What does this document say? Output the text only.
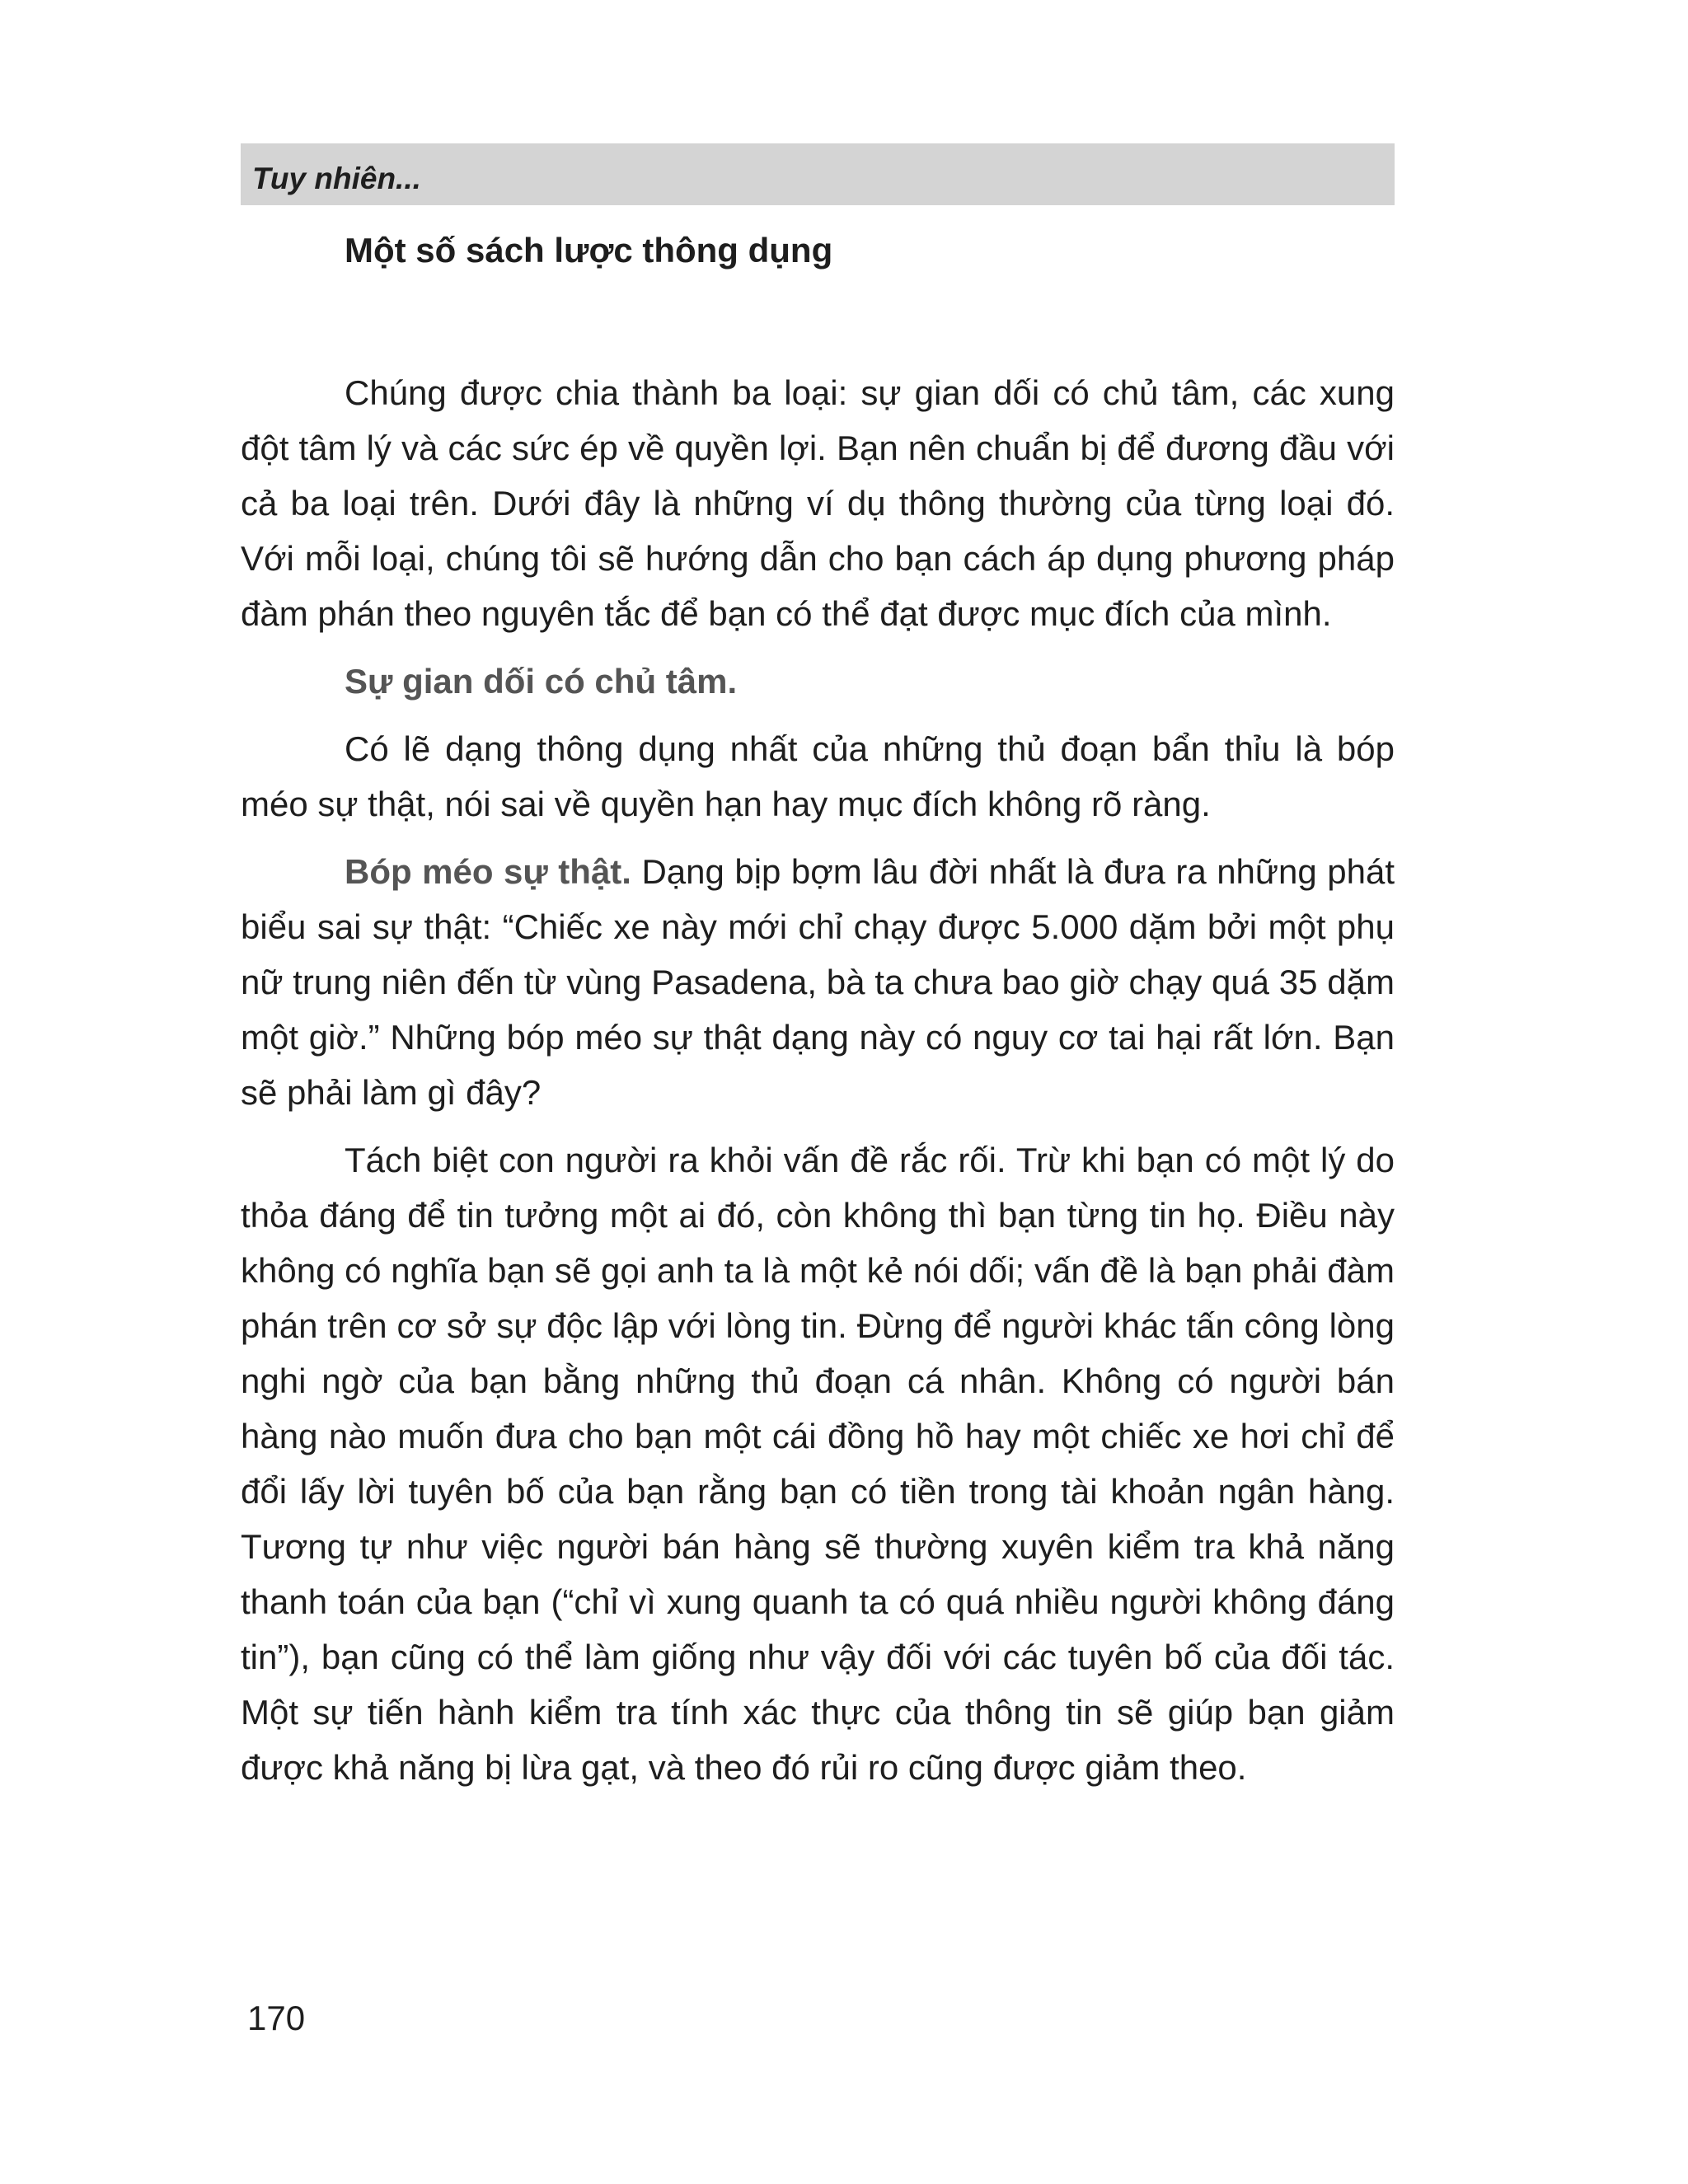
Tuy nhiên...
Một số sách lược thông dụng

Chúng được chia thành ba loại: sự gian dối có chủ tâm, các xung đột tâm lý và các sức ép về quyền lợi. Bạn nên chuẩn bị để đương đầu với cả ba loại trên. Dưới đây là những ví dụ thông thường của từng loại đó. Với mỗi loại, chúng tôi sẽ hướng dẫn cho bạn cách áp dụng phương pháp đàm phán theo nguyên tắc để bạn có thể đạt được mục đích của mình.

Sự gian dối có chủ tâm.

Có lẽ dạng thông dụng nhất của những thủ đoạn bẩn thỉu là bóp méo sự thật, nói sai về quyền hạn hay mục đích không rõ ràng.

Bóp méo sự thật. Dạng bịp bợm lâu đời nhất là đưa ra những phát biểu sai sự thật: “Chiếc xe này mới chỉ chạy được 5.000 dặm bởi một phụ nữ trung niên đến từ vùng Pasadena, bà ta chưa bao giờ chạy quá 35 dặm một giờ.” Những bóp méo sự thật dạng này có nguy cơ tai hại rất lớn. Bạn sẽ phải làm gì đây?

Tách biệt con người ra khỏi vấn đề rắc rối. Trừ khi bạn có một lý do thỏa đáng để tin tưởng một ai đó, còn không thì bạn từng tin họ. Điều này không có nghĩa bạn sẽ gọi anh ta là một kẻ nói dối; vấn đề là bạn phải đàm phán trên cơ sở sự độc lập với lòng tin. Đừng để người khác tấn công lòng nghi ngờ của bạn bằng những thủ đoạn cá nhân. Không có người bán hàng nào muốn đưa cho bạn một cái đồng hồ hay một chiếc xe hơi chỉ để đổi lấy lời tuyên bố của bạn rằng bạn có tiền trong tài khoản ngân hàng. Tương tự như việc người bán hàng sẽ thường xuyên kiểm tra khả năng thanh toán của bạn (“chỉ vì xung quanh ta có quá nhiều người không đáng tin”), bạn cũng có thể làm giống như vậy đối với các tuyên bố của đối tác. Một sự tiến hành kiểm tra tính xác thực của thông tin sẽ giúp bạn giảm được khả năng bị lừa gạt, và theo đó rủi ro cũng được giảm theo.

170
